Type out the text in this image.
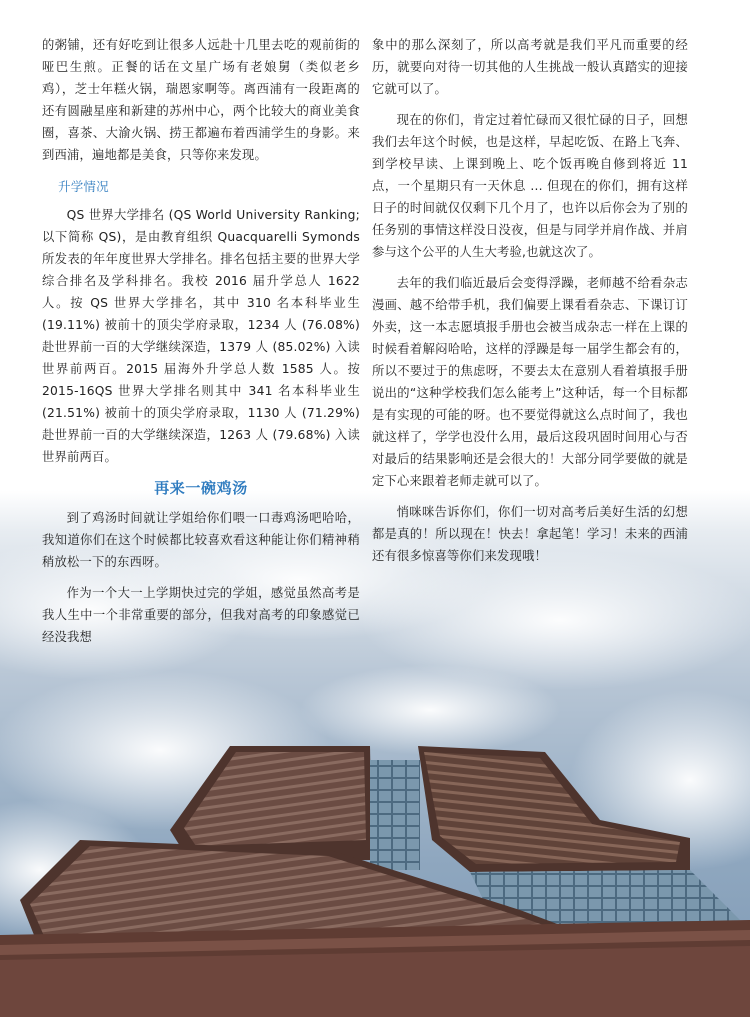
的粥铺，还有好吃到让很多人远赴十几里去吃的观前街的哑巴生煎。正餐的话在文星广场有老娘舅（类似老乡鸡），芝士年糕火锅，瑞恩家啊等。离西浦有一段距离的还有圆融星座和新建的苏州中心，两个比较大的商业美食圈，喜茶、大渝火锅、捞王都遍布着西浦学生的身影。来到西浦，遍地都是美食，只等你来发现。

升学情况

QS 世界大学排名 (QS World University Ranking; 以下简称 QS)，是由教育组织 Quacquarelli Symonds 所发表的年年度世界大学排名。排名包括主要的世界大学综合排名及学科排名。我校 2016 届升学总人 1622 人。按 QS 世界大学排名，其中 310 名本科毕业生 (19.11%) 被前十的顶尖学府录取，1234 人 (76.08%) 赴世界前一百的大学继续深造，1379 人 (85.02%) 入读世界前两百。2015 届海外升学总人数 1585 人。按 2015-16QS 世界大学排名则其中 341 名本科毕业生 (21.51%) 被前十的顶尖学府录取，1130 人 (71.29%) 赴世界前一百的大学继续深造，1263 人 (79.68%) 入读世界前两百。

再来一碗鸡汤

到了鸡汤时间就让学姐给你们喂一口毒鸡汤吧哈哈，我知道你们在这个时候都比较喜欢看这种能让你们精神稍稍放松一下的东西呀。

作为一个大一上学期快过完的学姐，感觉虽然高考是我人生中一个非常重要的部分，但我对高考的印象感觉已经没我想

象中的那么深刻了，所以高考就是我们平凡而重要的经历，就要向对待一切其他的人生挑战一般认真踏实的迎接它就可以了。

现在的你们，肯定过着忙碌而又很忙碌的日子，回想我们去年这个时候，也是这样，早起吃饭、在路上飞奔、到学校早读、上课到晚上、吃个饭再晚自修到将近 11 点，一个星期只有一天休息 ... 但现在的你们，拥有这样日子的时间就仅仅剩下几个月了，也许以后你会为了别的任务别的事情这样没日没夜，但是与同学并肩作战、并肩参与这个公平的人生大考验,也就这次了。

去年的我们临近最后会变得浮躁，老师越不给看杂志漫画、越不给带手机，我们偏要上课看看杂志、下课订订外卖，这一本志愿填报手册也会被当成杂志一样在上课的时候看着解闷哈哈，这样的浮躁是每一届学生都会有的，所以不要过于的焦虑呀，不要去太在意别人看着填报手册说出的“这种学校我们怎么能考上”这种话，每一个目标都是有实现的可能的呀。也不要觉得就这么点时间了，我也就这样了，学学也没什么用，最后这段巩固时间用心与否对最后的结果影响还是会很大的！大部分同学要做的就是定下心来跟着老师走就可以了。

悄咪咪告诉你们，你们一切对高考后美好生活的幻想都是真的！所以现在！快去！拿起笔！学习！未来的西浦还有很多惊喜等你们来发现哦！
